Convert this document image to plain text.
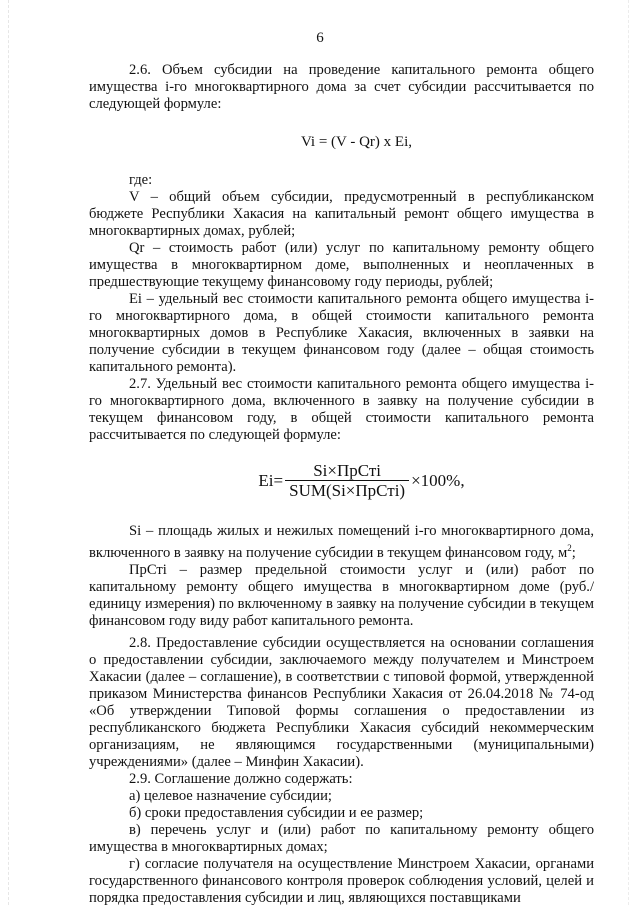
6

2.6. Объем субсидии на проведение капитального ремонта общего имущества i-го многоквартирного дома за счет субсидии рассчитывается по следующей формуле:

Vi = (V - Qr) x Ei,

где:

V – общий объем субсидии, предусмотренный в республиканском бюджете Республики Хакасия на капитальный ремонт общего имущества в многоквартирных домах, рублей;

Qr – стоимость работ (или) услуг по капитальному ремонту общего имущества в многоквартирном доме, выполненных и неоплаченных в предшествующие текущему финансовому году периоды, рублей;

Ei – удельный вес стоимости капитального ремонта общего имущества i-го многоквартирного дома, в общей стоимости капитального ремонта многоквартирных домов в Республике Хакасия, включенных в заявки на получение субсидии в текущем финансовом году (далее – общая стоимость капитального ремонта).

2.7. Удельный вес стоимости капитального ремонта общего имущества i-го многоквартирного дома, включенного в заявку на получение субсидии в текущем финансовом году, в общей стоимости капитального ремонта рассчитывается по следующей формуле:

$Ei= \frac{\text{Si×ПрСтi}}{\text{SUM(Si×ПрСтi)}} \times 100\%$,

Si – площадь жилых и нежилых помещений i-го многоквартирного дома, включенного в заявку на получение субсидии в текущем финансовом году, $м^2$;

ПрСтi – размер предельной стоимости услуг и (или) работ по капитальному ремонту общего имущества в многоквартирном доме (руб./единицу измерения) по включенному в заявку на получение субсидии в текущем финансовом году виду работ капитального ремонта.

2.8. Предоставление субсидии осуществляется на основании соглашения о предоставлении субсидии, заключаемого между получателем и Минстроем Хакасии (далее – соглашение), в соответствии с типовой формой, утвержденной приказом Министерства финансов Республики Хакасия от 26.04.2018 № 74-од «Об утверждении Типовой формы соглашения о предоставлении из республиканского бюджета Республики Хакасия субсидий некоммерческим организациям, не являющимся государственными (муниципальными) учреждениями» (далее – Минфин Хакасии).

2.9. Соглашение должно содержать:

а) целевое назначение субсидии;

б) сроки предоставления субсидии и ее размер;

в) перечень услуг и (или) работ по капитальному ремонту общего имущества в многоквартирных домах;

г) согласие получателя на осуществление Минстроем Хакасии, органами государственного финансового контроля проверок соблюдения условий, целей и порядка предоставления субсидии и лиц, являющихся поставщиками
